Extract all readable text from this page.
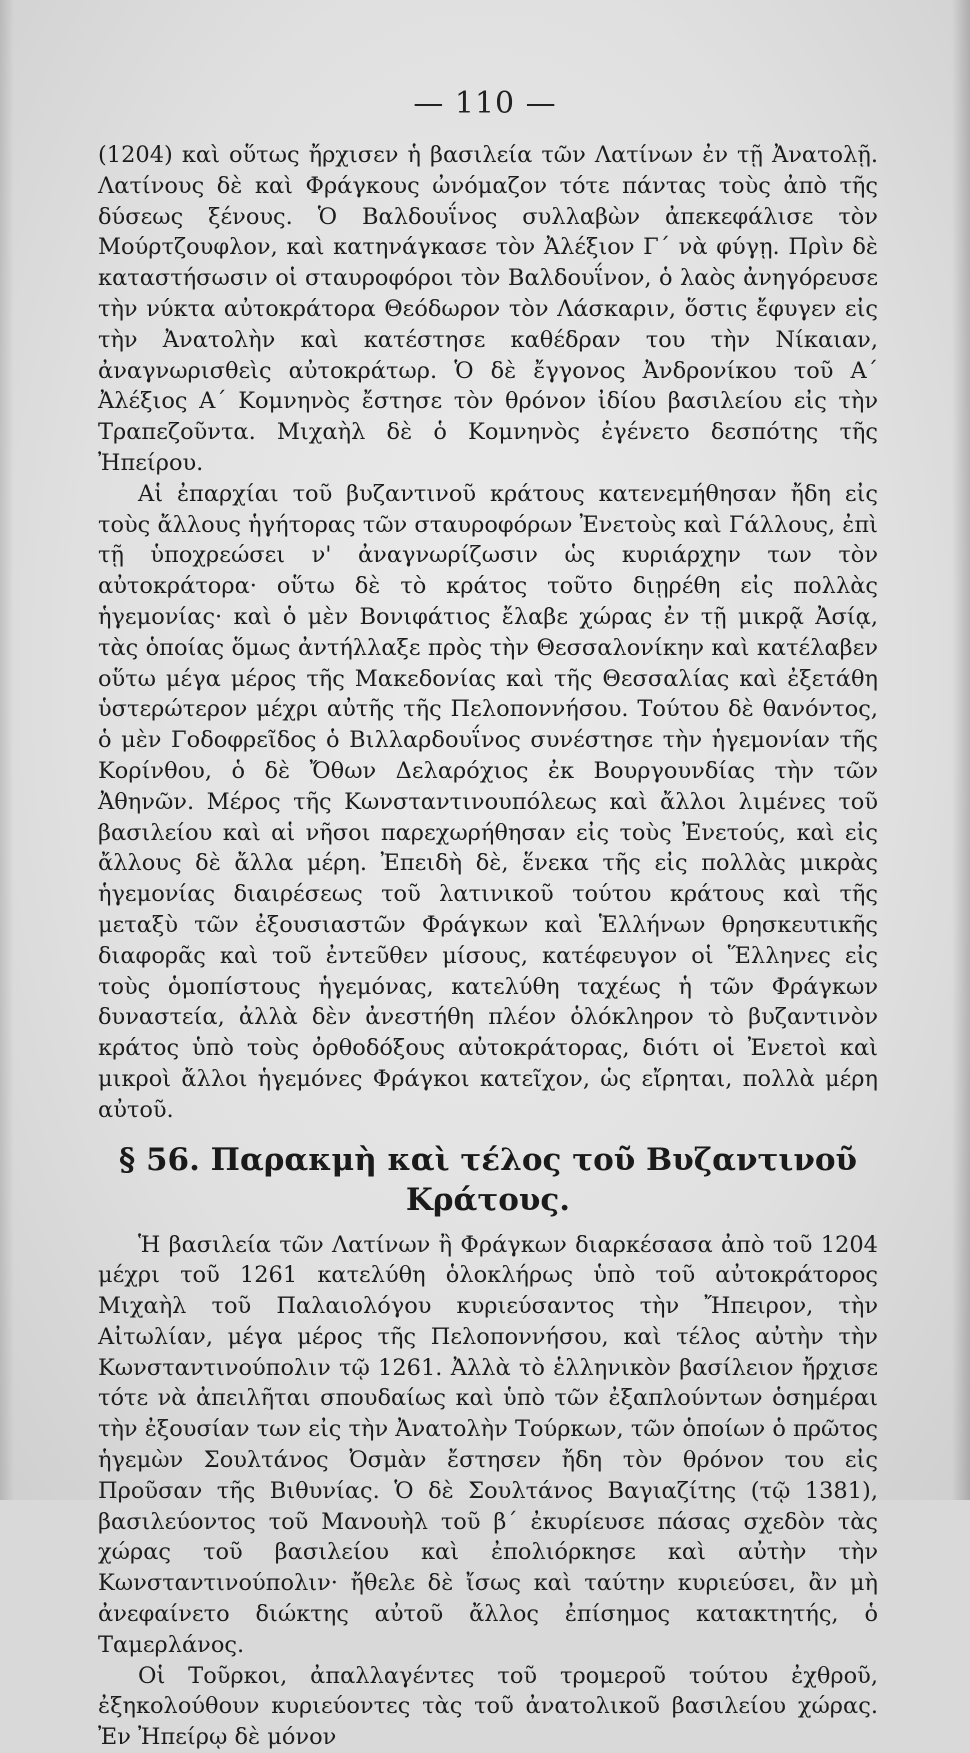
— 110 —

(1204) καὶ οὕτως ἤρχισεν ἡ βασιλεία τῶν Λατίνων ἐν τῇ Ἀνατολῇ. Λατίνους δὲ καὶ Φράγκους ὠνόμαζον τότε πάντας τοὺς ἀπὸ τῆς δύσεως ξένους. Ὁ Βαλδουΐνος συλλαβὼν ἀπεκεφάλισε τὸν Μούρτζουφλον, καὶ κατηνάγκασε τὸν Ἀλέξιον Γ΄ νὰ φύγῃ. Πρὶν δὲ καταστήσωσιν οἱ σταυροφόροι τὸν Βαλδουΐνον, ὁ λαὸς ἀνηγόρευσε τὴν νύκτα αὐτοκράτορα Θεόδωρον τὸν Λάσκαριν, ὅστις ἔφυγεν εἰς τὴν Ἀνατολὴν καὶ κατέστησε καθέδραν του τὴν Νίκαιαν, ἀναγνωρισθεὶς αὐτοκράτωρ. Ὁ δὲ ἔγγονος Ἀνδρονίκου τοῦ Α΄ Ἀλέξιος Α΄ Κομνηνὸς ἔστησε τὸν θρόνον ἰδίου βασιλείου εἰς τὴν Τραπεζοῦντα. Μιχαὴλ δὲ ὁ Κομνηνὸς ἐγένετο δεσπότης τῆς Ἠπείρου.

Αἱ ἐπαρχίαι τοῦ βυζαντινοῦ κράτους κατενεμήθησαν ἤδη εἰς τοὺς ἄλλους ἡγήτορας τῶν σταυροφόρων Ἐνετοὺς καὶ Γάλλους, ἐπὶ τῇ ὑποχρεώσει ν' ἀναγνωρίζωσιν ὡς κυριάρχην των τὸν αὐτοκράτορα· οὕτω δὲ τὸ κράτος τοῦτο διῃρέθη εἰς πολλὰς ἡγεμονίας· καὶ ὁ μὲν Βονιφάτιος ἔλαβε χώρας ἐν τῇ μικρᾷ Ἀσίᾳ, τὰς ὁποίας ὅμως ἀντήλλαξε πρὸς τὴν Θεσσαλονίκην καὶ κατέλαβεν οὕτω μέγα μέρος τῆς Μακεδονίας καὶ τῆς Θεσσαλίας καὶ ἐξετάθη ὑστερώτερον μέχρι αὐτῆς τῆς Πελοποννήσου. Τούτου δὲ θανόντος, ὁ μὲν Γοδοφρεῖδος ὁ Βιλλαρδουΐνος συνέστησε τὴν ἡγεμονίαν τῆς Κορίνθου, ὁ δὲ Ὄθων Δελαρόχιος ἐκ Βουργουνδίας τὴν τῶν Ἀθηνῶν. Μέρος τῆς Κωνσταντινουπόλεως καὶ ἄλλοι λιμένες τοῦ βασιλείου καὶ αἱ νῆσοι παρεχωρήθησαν εἰς τοὺς Ἐνετούς, καὶ εἰς ἄλλους δὲ ἄλλα μέρη. Ἐπειδὴ δὲ, ἕνεκα τῆς εἰς πολλὰς μικρὰς ἡγεμονίας διαιρέσεως τοῦ λατινικοῦ τούτου κράτους καὶ τῆς μεταξὺ τῶν ἐξουσιαστῶν Φράγκων καὶ Ἑλλήνων θρησκευτικῆς διαφορᾶς καὶ τοῦ ἐντεῦθεν μίσους, κατέφευγον οἱ Ἕλληνες εἰς τοὺς ὁμοπίστους ἡγεμόνας, κατελύθη ταχέως ἡ τῶν Φράγκων δυναστεία, ἀλλὰ δὲν ἀνεστήθη πλέον ὁλόκληρον τὸ βυζαντινὸν κράτος ὑπὸ τοὺς ὀρθοδόξους αὐτοκράτορας, διότι οἱ Ἐνετοὶ καὶ μικροὶ ἄλλοι ἡγεμόνες Φράγκοι κατεῖχον, ὡς εἴρηται, πολλὰ μέρη αὐτοῦ.

§ 56. Παρακμὴ καὶ τέλος τοῦ Βυζαντινοῦ Κράτους.

Ἡ βασιλεία τῶν Λατίνων ἢ Φράγκων διαρκέσασα ἀπὸ τοῦ 1204 μέχρι τοῦ 1261 κατελύθη ὁλοκλήρως ὑπὸ τοῦ αὐτοκράτορος Μιχαὴλ τοῦ Παλαιολόγου κυριεύσαντος τὴν Ἤπειρον, τὴν Αἰτωλίαν, μέγα μέρος τῆς Πελοποννήσου, καὶ τέλος αὐτὴν τὴν Κωνσταντινούπολιν τῷ 1261. Ἀλλὰ τὸ ἑλληνικὸν βασίλειον ἤρχισε τότε νὰ ἀπειλῆται σπουδαίως καὶ ὑπὸ τῶν ἐξαπλούντων ὁσημέραι τὴν ἐξουσίαν των εἰς τὴν Ἀνατολὴν Τούρκων, τῶν ὁποίων ὁ πρῶτος ἡγεμὼν Σουλτάνος Ὀσμὰν ἔστησεν ἤδη τὸν θρόνον του εἰς Προῦσαν τῆς Βιθυνίας. Ὁ δὲ Σουλτάνος Βαγιαζίτης (τῷ 1381), βασιλεύοντος τοῦ Μανουὴλ τοῦ β΄ ἐκυρίευσε πάσας σχεδὸν τὰς χώρας τοῦ βασιλείου καὶ ἐπολιόρκησε καὶ αὐτὴν τὴν Κωνσταντινούπολιν· ἤθελε δὲ ἴσως καὶ ταύτην κυριεύσει, ἂν μὴ ἀνεφαίνετο διώκτης αὐτοῦ ἄλλος ἐπίσημος κατακτητής, ὁ Ταμερλάνος.

Οἱ Τοῦρκοι, ἀπαλλαγέντες τοῦ τρομεροῦ τούτου ἐχθροῦ, ἐξηκολούθουν κυριεύοντες τὰς τοῦ ἀνατολικοῦ βασιλείου χώρας. Ἐν Ἠπείρῳ δὲ μόνον
